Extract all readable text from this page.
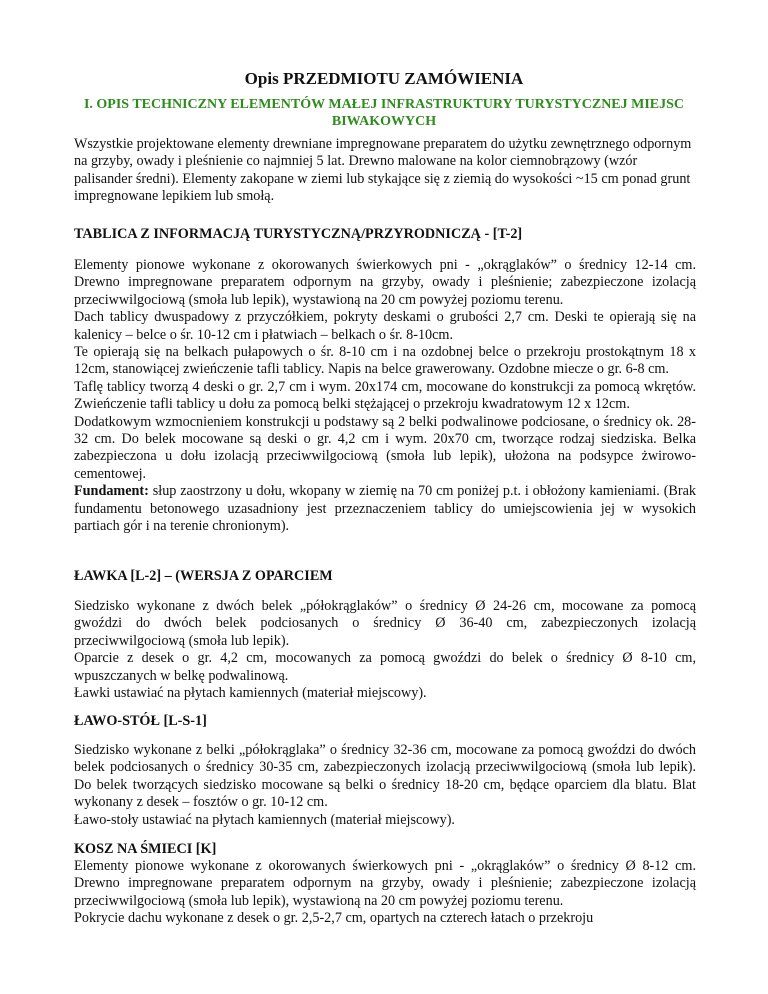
Opis PRZEDMIOTU ZAMÓWIENIA
I. OPIS TECHNICZNY ELEMENTÓW MAŁEJ INFRASTRUKTURY TURYSTYCZNEJ MIEJSC BIWAKOWYCH
Wszystkie projektowane elementy drewniane impregnowane preparatem do użytku zewnętrznego odpornym na grzyby, owady i pleśnienie co najmniej 5 lat. Drewno malowane na kolor ciemnobrązowy (wzór palisander średni). Elementy zakopane w ziemi lub stykające się z ziemią do wysokości ~15 cm ponad grunt impregnowane lepikiem lub smołą.
TABLICA Z INFORMACJĄ TURYSTYCZNĄ/PRZYRODNICZĄ - [T-2]

Elementy pionowe wykonane z okorowanych świerkowych pni - „okrąglaków” o średnicy 12-14 cm. Drewno impregnowane preparatem odpornym na grzyby, owady i pleśnienie; zabezpieczone izolacją przeciwwilgociową (smoła lub lepik), wystawioną na 20 cm powyżej poziomu terenu.

Dach tablicy dwuspadowy z przyczółkiem, pokryty deskami o grubości 2,7 cm. Deski te opierają się na kalenicy – belce o śr. 10-12 cm i płatwiach – belkach o śr. 8-10cm.

Te opierają się na belkach pułapowych o śr. 8-10 cm i na ozdobnej belce o przekroju prostokątnym 18 x 12cm, stanowiącej zwieńczenie tafli tablicy. Napis na belce grawerowany. Ozdobne miecze o gr. 6-8 cm.

Taflę tablicy tworzą 4 deski o gr. 2,7 cm i wym. 20x174 cm, mocowane do konstrukcji za pomocą wkrętów. Zwieńczenie tafli tablicy u dołu za pomocą belki stężającej o przekroju kwadratowym 12 x 12cm.

Dodatkowym wzmocnieniem konstrukcji u podstawy są 2 belki podwalinowe podciosane, o średnicy ok. 28-32 cm. Do belek mocowane są deski o gr. 4,2 cm i wym. 20x70 cm, tworzące rodzaj siedziska. Belka zabezpieczona u dołu izolacją przeciwwilgociową (smoła lub lepik), ułożona na podsypce żwirowo-cementowej.

Fundament: słup zaostrzony u dołu, wkopany w ziemię na 70 cm poniżej p.t. i obłożony kamieniami. (Brak fundamentu betonowego uzasadniony jest przeznaczeniem tablicy do umiejscowienia jej w wysokich partiach gór i na terenie chronionym).

ŁAWKA [L-2] – (WERSJA Z OPARCIEM

Siedzisko wykonane z dwóch belek „półokrąglaków” o średnicy Ø 24-26 cm, mocowane za pomocą gwoździ do dwóch belek podciosanych o średnicy Ø 36-40 cm, zabezpieczonych izolacją przeciwwilgociową (smoła lub lepik).

Oparcie z desek o gr. 4,2 cm, mocowanych za pomocą gwoździ do belek o średnicy Ø 8-10 cm, wpuszczanych w belkę podwalinową.

Ławki ustawiać na płytach kamiennych (materiał miejscowy).

ŁAWO-STÓŁ [L-S-1]

Siedzisko wykonane z belki „półokrąglaka” o średnicy 32-36 cm, mocowane za pomocą gwoździ do dwóch belek podciosanych o średnicy 30-35 cm, zabezpieczonych izolacją przeciwwilgociową (smoła lub lepik). Do belek tworzących siedzisko mocowane są belki o średnicy 18-20 cm, będące oparciem dla blatu. Blat wykonany z desek – fosztów o gr. 10-12 cm.

Ławo-stoły ustawiać na płytach kamiennych (materiał miejscowy).

KOSZ NA ŚMIECI [K]

Elementy pionowe wykonane z okorowanych świerkowych pni - „okrąglaków” o średnicy Ø 8-12 cm. Drewno impregnowane preparatem odpornym na grzyby, owady i pleśnienie; zabezpieczone izolacją przeciwwilgociową (smoła lub lepik), wystawioną na 20 cm powyżej poziomu terenu.

Pokrycie dachu wykonane z desek o gr. 2,5-2,7 cm, opartych na czterech łatach o przekroju
